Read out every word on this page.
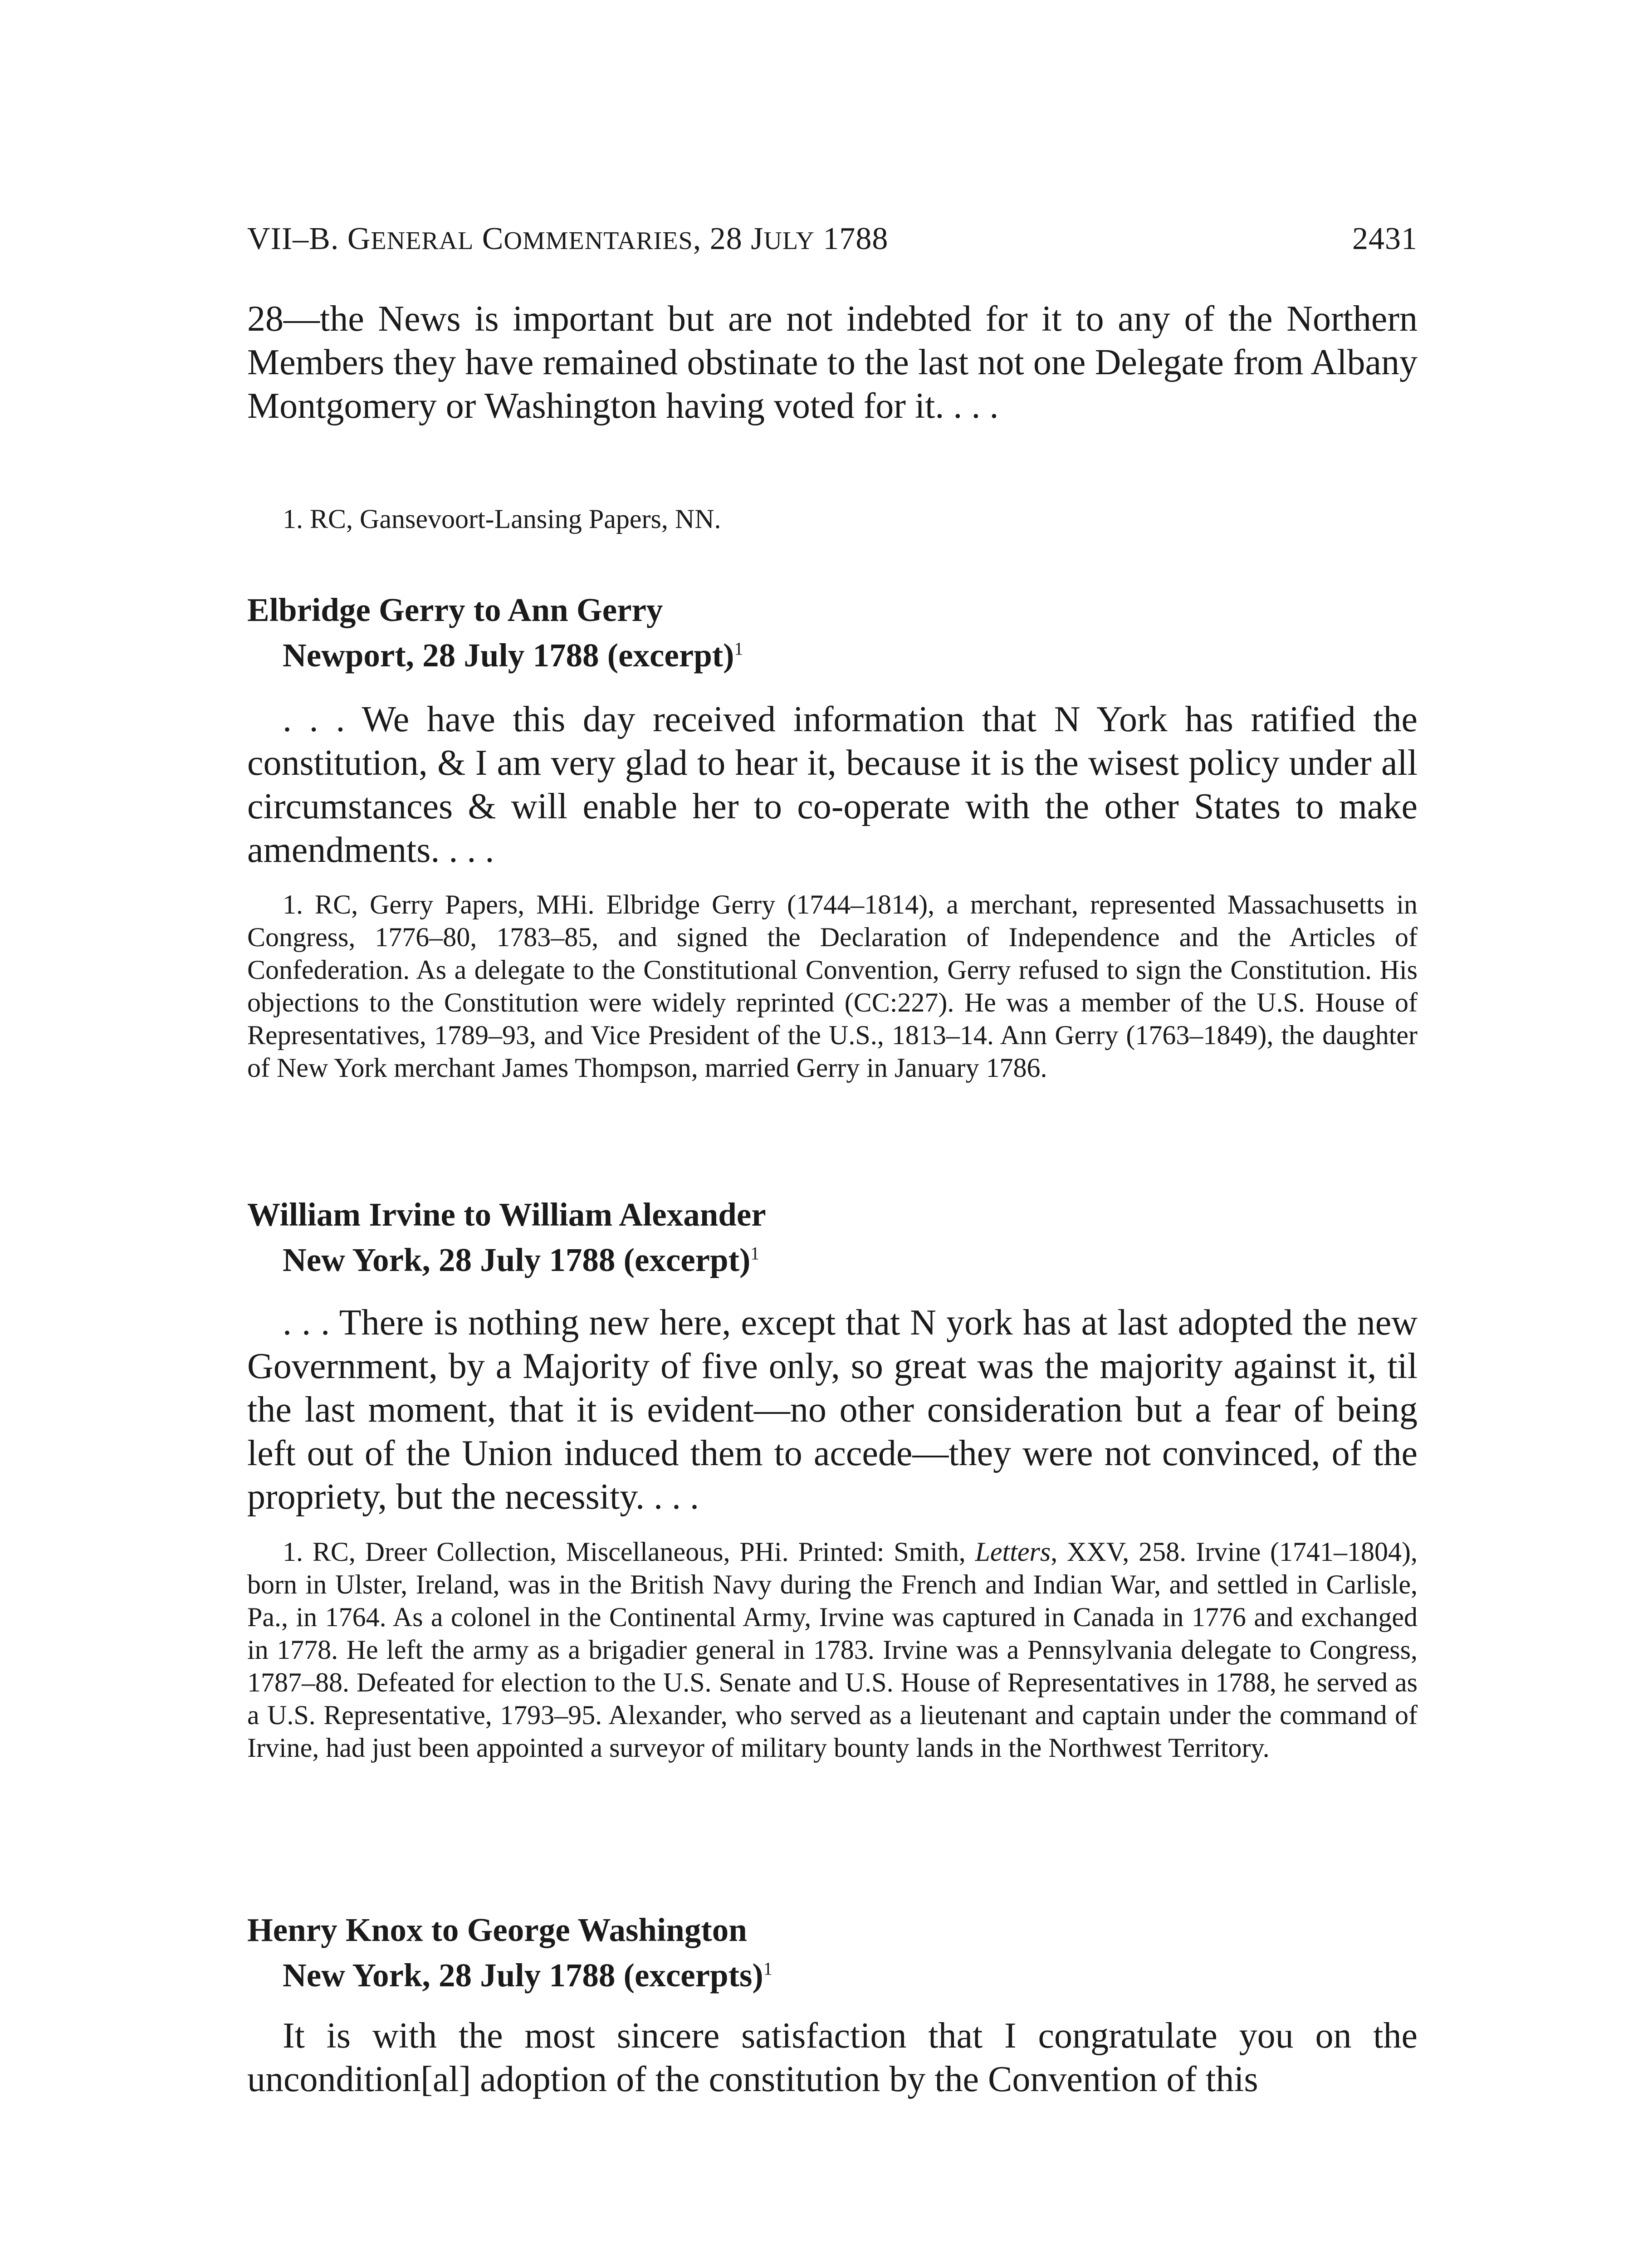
VII–B. GENERAL COMMENTARIES, 28 JULY 1788	2431

28—the News is important but are not indebted for it to any of the Northern Members they have remained obstinate to the last not one Delegate from Albany Montgomery or Washington having voted for it. . . .

1. RC, Gansevoort-Lansing Papers, NN.

Elbridge Gerry to Ann Gerry
Newport, 28 July 1788 (excerpt)$^1$

. . . We have this day received information that N York has ratified the constitution, & I am very glad to hear it, because it is the wisest policy under all circumstances & will enable her to co-operate with the other States to make amendments. . . .

1. RC, Gerry Papers, MHi. Elbridge Gerry (1744–1814), a merchant, represented Massachusetts in Congress, 1776–80, 1783–85, and signed the Declaration of Independence and the Articles of Confederation. As a delegate to the Constitutional Convention, Gerry refused to sign the Constitution. His objections to the Constitution were widely reprinted (CC:227). He was a member of the U.S. House of Representatives, 1789–93, and Vice President of the U.S., 1813–14. Ann Gerry (1763–1849), the daughter of New York merchant James Thompson, married Gerry in January 1786.

William Irvine to William Alexander
New York, 28 July 1788 (excerpt)$^1$

. . . There is nothing new here, except that N york has at last adopted the new Government, by a Majority of five only, so great was the majority against it, til the last moment, that it is evident—no other consideration but a fear of being left out of the Union induced them to accede—they were not convinced, of the propriety, but the necessity. . . .

1. RC, Dreer Collection, Miscellaneous, PHi. Printed: Smith, Letters, XXV, 258. Irvine (1741–1804), born in Ulster, Ireland, was in the British Navy during the French and Indian War, and settled in Carlisle, Pa., in 1764. As a colonel in the Continental Army, Irvine was captured in Canada in 1776 and exchanged in 1778. He left the army as a brigadier general in 1783. Irvine was a Pennsylvania delegate to Congress, 1787–88. Defeated for election to the U.S. Senate and U.S. House of Representatives in 1788, he served as a U.S. Representative, 1793–95. Alexander, who served as a lieutenant and captain under the command of Irvine, had just been appointed a surveyor of military bounty lands in the Northwest Territory.

Henry Knox to George Washington
New York, 28 July 1788 (excerpts)$^1$

It is with the most sincere satisfaction that I congratulate you on the uncondition[al] adoption of the constitution by the Convention of this
